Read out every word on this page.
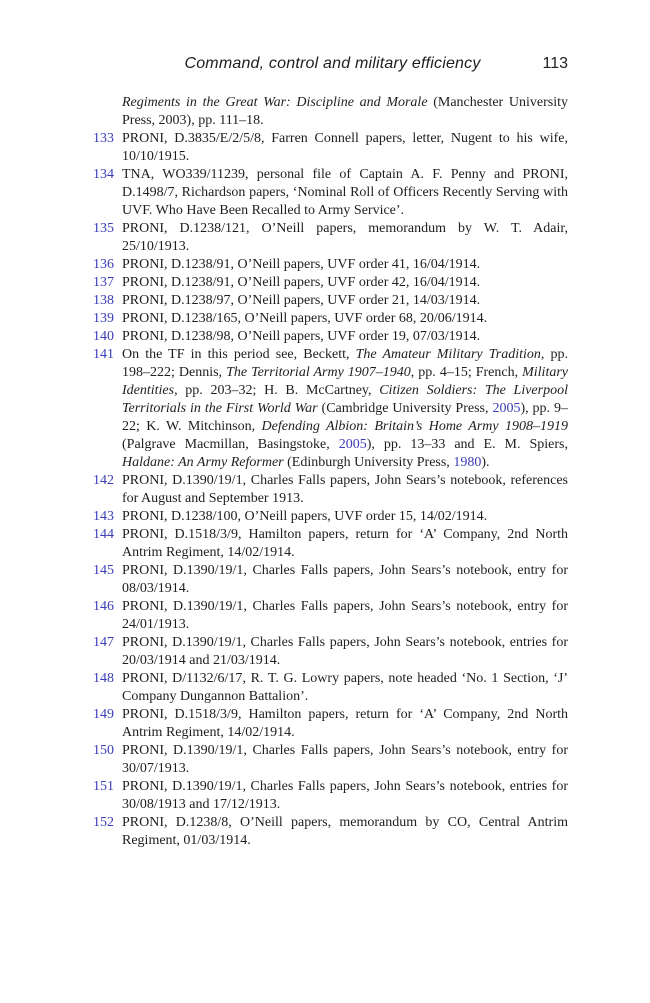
Command, control and military efficiency	113

Regiments in the Great War: Discipline and Morale (Manchester University Press, 2003), pp. 111–18.

133 PRONI, D.3835/E/2/5/8, Farren Connell papers, letter, Nugent to his wife, 10/10/1915.
134 TNA, WO339/11239, personal file of Captain A. F. Penny and PRONI, D.1498/7, Richardson papers, ‘Nominal Roll of Officers Recently Serving with UVF. Who Have Been Recalled to Army Service’.
135 PRONI, D.1238/121, O’Neill papers, memorandum by W. T. Adair, 25/10/1913.
136 PRONI, D.1238/91, O’Neill papers, UVF order 41, 16/04/1914.
137 PRONI, D.1238/91, O’Neill papers, UVF order 42, 16/04/1914.
138 PRONI, D.1238/97, O’Neill papers, UVF order 21, 14/03/1914.
139 PRONI, D.1238/165, O’Neill papers, UVF order 68, 20/06/1914.
140 PRONI, D.1238/98, O’Neill papers, UVF order 19, 07/03/1914.
141 On the TF in this period see, Beckett, The Amateur Military Tradition, pp. 198–222; Dennis, The Territorial Army 1907–1940, pp. 4–15; French, Military Identities, pp. 203–32; H. B. McCartney, Citizen Soldiers: The Liverpool Territorials in the First World War (Cambridge University Press, 2005), pp. 9–22; K. W. Mitchinson, Defending Albion: Britain’s Home Army 1908–1919 (Palgrave Macmillan, Basingstoke, 2005), pp. 13–33 and E. M. Spiers, Haldane: An Army Reformer (Edinburgh University Press, 1980).
142 PRONI, D.1390/19/1, Charles Falls papers, John Sears’s notebook, references for August and September 1913.
143 PRONI, D.1238/100, O’Neill papers, UVF order 15, 14/02/1914.
144 PRONI, D.1518/3/9, Hamilton papers, return for ‘A’ Company, 2nd North Antrim Regiment, 14/02/1914.
145 PRONI, D.1390/19/1, Charles Falls papers, John Sears’s notebook, entry for 08/03/1914.
146 PRONI, D.1390/19/1, Charles Falls papers, John Sears’s notebook, entry for 24/01/1913.
147 PRONI, D.1390/19/1, Charles Falls papers, John Sears’s notebook, entries for 20/03/1914 and 21/03/1914.
148 PRONI, D/1132/6/17, R. T. G. Lowry papers, note headed ‘No. 1 Section, ‘J’ Company Dungannon Battalion’.
149 PRONI, D.1518/3/9, Hamilton papers, return for ‘A’ Company, 2nd North Antrim Regiment, 14/02/1914.
150 PRONI, D.1390/19/1, Charles Falls papers, John Sears’s notebook, entry for 30/07/1913.
151 PRONI, D.1390/19/1, Charles Falls papers, John Sears’s notebook, entries for 30/08/1913 and 17/12/1913.
152 PRONI, D.1238/8, O’Neill papers, memorandum by CO, Central Antrim Regiment, 01/03/1914.
